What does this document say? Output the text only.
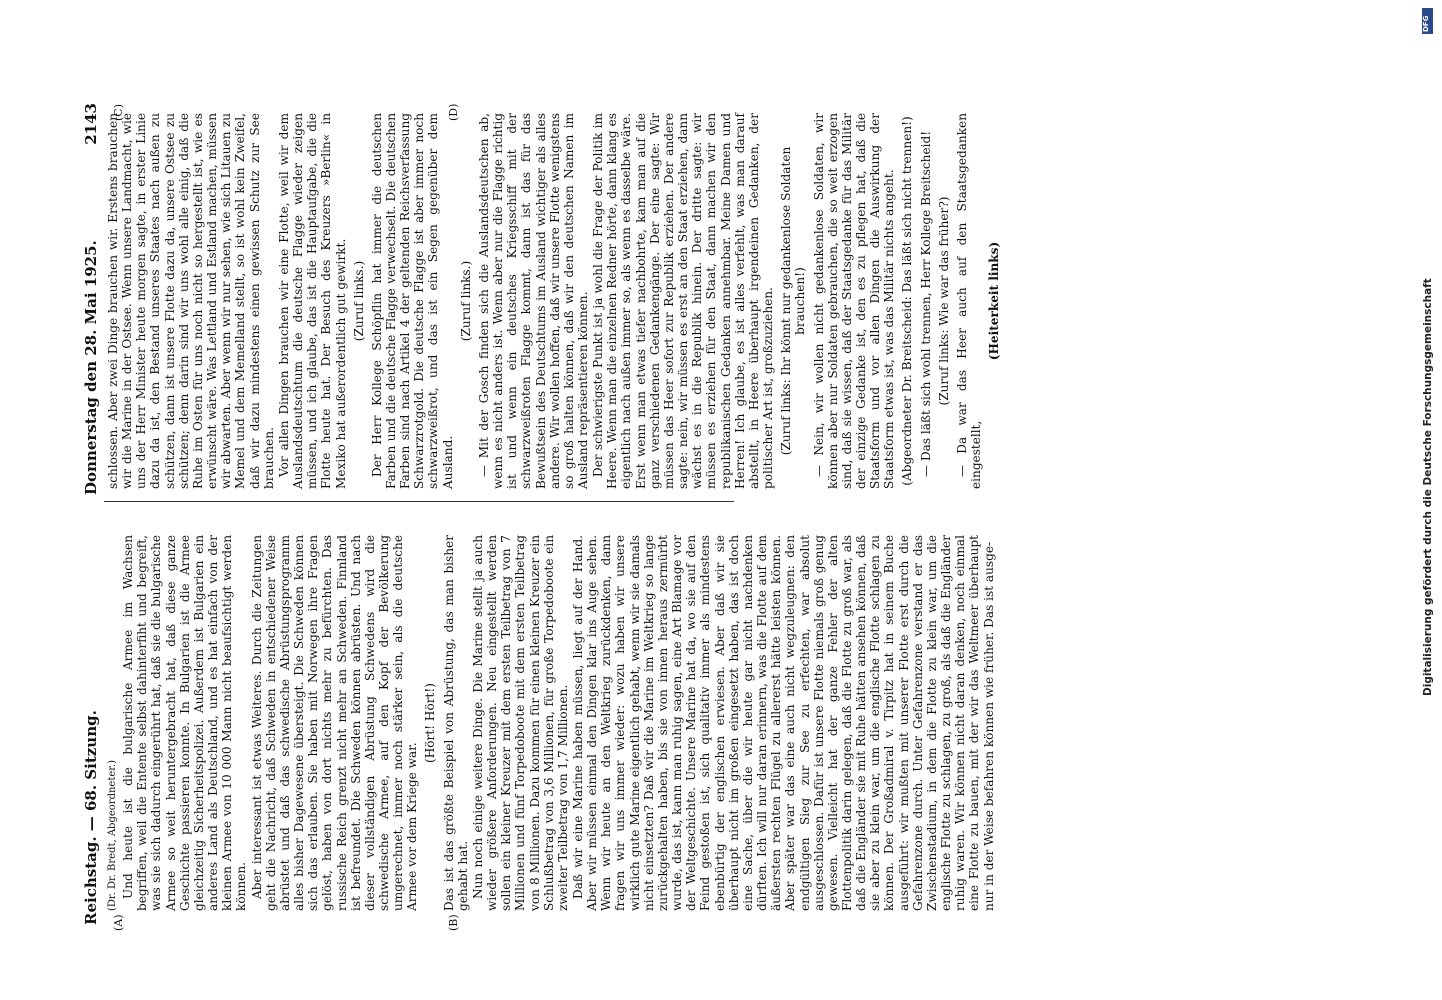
Reichstag. — 68. Sitzung.
Donnerstag den 28. Mai 1925.
2143
(A)	(B)
(C)	(D)

(Dr. Dr. Bredt, Abgeordneter.) Und heute ist die bulgarische Armee im Wachsen begriffen, weil die Entente selbst dahinterfiht und begreift, was sie sich dadurch eingerührt hat, daß sie die bulgarische Armee so weit heruntergebracht hat, daß diese ganze Geschichte passieren konnte. In Bulgarien ist die Armee gleichzeitig Sicherheitspolizei. Außerdem ist Bulgarien ein anderes Land als Deutschland, und es hat einfach von der kleinen Armee von 10 000 Mann nicht beaufsichtigt werden können. Aber interessant ist etwas Weiteres. Durch die Zeitungen geht die Nachricht, daß Schweden in entschiedener Weise abrüstet und daß das schwedische Abrüstungsprogramm alles bisher Dagewesene übersteigt. Die Schweden können sich das erlauben. Sie haben mit Norwegen ihre Fragen gelöst, haben von dort nichts mehr zu befürchten. Das russische Reich grenzt nicht mehr an Schweden. Finnland ist befreundet. Die Schweden können abrüsten. Und nach dieser vollständigen Abrüstung Schwedens wird die schwedische Armee, auf den Kopf der Bevölkerung umgerechnet, immer noch stärker sein, als die deutsche Armee vor dem Kriege war.

(Hört! Hört!) Das ist das größte Beispiel von Abrüstung, das man bisher gehabt hat. Nun noch einige weitere Dinge. Die Marine stellt ja auch wieder größere Anforderungen. Neu eingestellt werden sollen ein kleiner Kreuzer mit dem ersten Teilbetrag von 7 Millionen und fünf Torpedoboote mit dem ersten Teilbetrag von 8 Millionen. Dazu kommen für einen kleinen Kreuzer ein Schlußbetrag von 3,6 Millionen, für große Torpedoboote ein zweiter Teilbetrag von 1,7 Millionen. Daß wir eine Marine haben müssen, liegt auf der Hand. Aber wir müssen einmal den Dingen klar ins Auge sehen. Wenn wir heute an den Weltkrieg zurückdenken, dann fragen wir uns immer wieder: wozu haben wir unsere wirklich gute Marine eigentlich gehabt, wenn wir sie damals nicht einsetzten? Daß wir die Marine im Weltkrieg so lange zurückgehalten haben, bis sie von innen heraus zermürbt wurde, das ist, kann man ruhig sagen, eine Art Blamage vor der Weltgeschichte. Unsere Marine hat da, wo sie auf den Feind gestoßen ist, sich qualitativ immer als mindestens ebenbürtig der englischen erwiesen. Aber daß wir sie überhaupt nicht im großen eingesetzt haben, das ist doch eine Sache, über die wir heute gar nicht nachdenken dürften. Ich will nur daran erinnern, was die Flotte auf dem äußersten rechten Flügel zu allererst hätte leisten können. Aber später war das eine auch nicht wegzuleugnen: den endgültigen Sieg zur See zu erfechten, war absolut ausgeschlossen. Dafür ist unsere Flotte niemals groß genug gewesen. Vielleicht hat der ganze Fehler der alten Flottenpolitik darin gelegen, daß die Flotte zu groß war, als daß die Engländer sie mit Ruhe hätten ansehen können, daß sie aber zu klein war, um die englische Flotte schlagen zu können. Der Großadmiral v. Tirpitz hat in seinem Buche ausgeführt: wir mußten mit unserer Flotte erst durch die Gefahrenzone durch. Unter Gefahrenzone verstand er das Zwischenstadium, in dem die Flotte zu klein war, um die englische Flotte zu schlagen, zu groß, als daß die Engländer ruhig waren. Wir können nicht daran denken, noch einmal eine Flotte zu bauen, mit der wir das Weltmeer überhaupt nur in der Weise befahren können wie früher. Das ist ausge-

schlossen. Aber zwei Dinge brauchen wir. Erstens brauchen wir die Marine in der Ostsee. Wenn unsere Landmacht, wie uns der Herr Minister heute morgen sagte, in erster Linie dazu da ist, den Bestand unseres Staates nach außen zu schützen, dann ist unsere Flotte dazu da, unsere Ostsee zu schützen; denn darin sind wir uns wohl alle einig, daß die Ruhe im Osten für uns noch nicht so hergestellt ist, wie es erwünscht wäre. Was Lettland und Estland machen, müssen wir abwarten. Aber wenn wir nur sehen, wie sich Litauen zu Memel und dem Memelland stellt, so ist wohl kein Zweifel, daß wir dazu mindestens einen gewissen Schutz zur See brauchen. Vor allen Dingen brauchen wir eine Flotte, weil wir dem Auslandsdeutschtum die deutsche Flagge wieder zeigen müssen, und ich glaube, das ist die Hauptaufgabe, die die Flotte heute hat. Der Besuch des Kreuzers »Berlin« in Mexiko hat außerordentlich gut gewirkt. (Zuruf links.) Der Herr Kollege Schöpflin hat immer die deutschen Farben und die deutsche Flagge verwechselt. Die deutschen Farben sind nach Artikel 4 der geltenden Reichsverfassung Schwarzrotgold. Die deutsche Flagge ist aber immer noch schwarzweißrot, und das ist ein Segen gegenüber dem Ausland.

(Zuruf links.) — Mit der Gosch finden sich die Auslandsdeutschen ab, wenn es nicht anders ist. Wenn aber nur die Flagge richtig ist und wenn ein deutsches Kriegsschiff mit der schwarzweißroten Flagge kommt, dann ist das für das Bewußtsein des Deutschtums im Ausland wichtiger als alles andere. Wir wollen hoffen, daß wir unsere Flotte wenigstens so groß halten können, daß wir den deutschen Namen im Ausland repräsentieren können. Der schwierigste Punkt ist ja wohl die Frage der Politik im Heere. Wenn man die einzelnen Redner hörte, dann klang es eigentlich nach außen immer so, als wenn es dasselbe wäre. Erst wenn man etwas tiefer nachbohrte, kam man auf die ganz verschiedenen Gedankengänge. Der eine sagte: Wir müssen das Heer sofort zur Republik erziehen. Der andere sagte: nein, wir müssen es erst an den Staat erziehen, dann wächst es in die Republik hinein. Der dritte sagte: wir müssen es erziehen für den Staat, dann machen wir den republikanischen Gedanken annehmbar. Meine Damen und Herren! Ich glaube, es ist alles verfehlt, was man darauf abstellt, in Heere überhaupt irgendeinen Gedanken, der politischer Art ist, großzuziehen. (Zuruf links: Ihr könnt nur gedankenlose Soldaten brauchen!) — Nein, wir wollen nicht gedankenlose Soldaten, wir können aber nur Soldaten gebrauchen, die so weit erzogen sind, daß sie wissen, daß der Staatsgedanke für das Militär der einzige Gedanke ist, den es zu pflegen hat, daß die Staatsform und vor allen Dingen die Auswirkung der Staatsform etwas ist, was das Militär nichts angeht. (Abgeordneter Dr. Breitscheid: Das läßt sich nicht trennen!) — Das läßt sich wohl trennen, Herr Kollege Breitscheid! (Zuruf links: Wie war das früher?) — Da war das Heer auch auf den Staatsgedanken eingestellt,

(Heiterkeit links)	Digitalisierung gefördert durch die Deutsche Forschungsgemeinschaft
DFG
